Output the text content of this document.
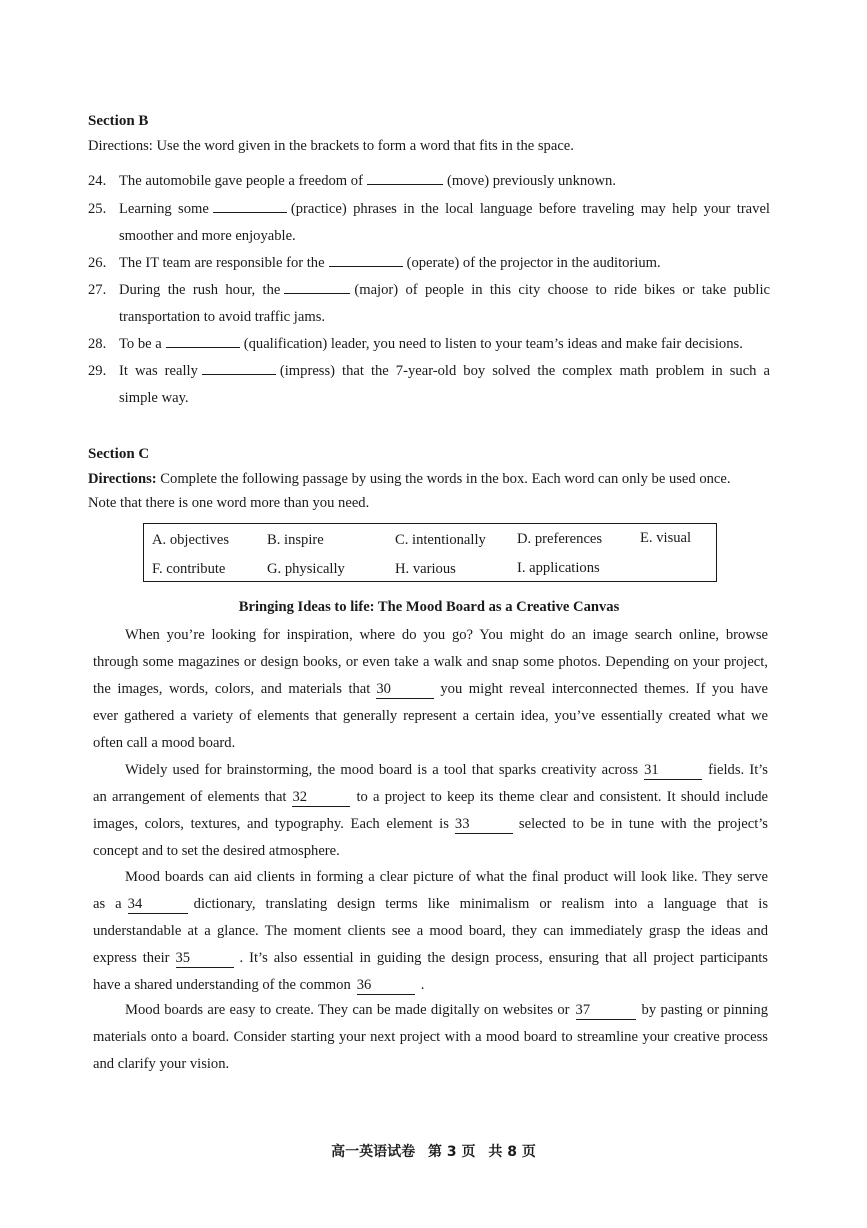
Section B
Directions: Use the word given in the brackets to form a word that fits in the space.
24. The automobile gave people a freedom of	(move) previously unknown.
25. Learning some	(practice) phrases in the local language before traveling may help your travel
smoother and more enjoyable.
26. The IT team are responsible for the	(operate) of the projector in the auditorium.
27. During the rush hour, the	(major) of people in this city choose to ride bikes or take public
transportation to avoid traffic jams.
28. To be a	(qualification) leader, you need to listen to your team’s ideas and make fair decisions.
29. It was really	(impress) that the 7-year-old boy solved the complex math problem in such a
simple way.
Section C
Directions: Complete the following passage by using the words in the box. Each word can only be used once.
Note that there is one word more than you need.
A. objectives	B. inspire	C. intentionally D. preferences	E. visual
F. contribute	G. physically	H. various	I. applications
Bringing Ideas to life: The Mood Board as a Creative Canvas
When you’re looking for inspiration, where do you go? You might do an image search online, browse
through some magazines or design books, or even take a walk and snap some photos. Depending on your project,
the images, words, colors, and materials that 30	you might reveal interconnected themes. If you have
ever gathered a variety of elements that generally represent a certain idea, you’ve essentially created what we
often call a mood board.
Widely used for brainstorming, the mood board is a tool that sparks creativity across 31	fields. It’s
an arrangement of elements that 32	to a project to keep its theme clear and consistent. It should include
images, colors, textures, and typography. Each element is 33	selected to be in tune with the project’s
concept and to set the desired atmosphere.
Mood boards can aid clients in forming a clear picture of what the final product will look like. They serve
as a 34	dictionary, translating design terms like minimalism or realism into a language that is
understandable at a glance. The moment clients see a mood board, they can immediately grasp the ideas and
express their 35	. It’s also essential in guiding the design process, ensuring that all project participants
have a shared understanding of the common 36	.
Mood boards are easy to create. They can be made digitally on websites or 37	by pasting or pinning
materials onto a board. Consider starting your next project with a mood board to streamline your creative process
and clarify your vision.
高一英语试卷 第 3 页 共 8 页
